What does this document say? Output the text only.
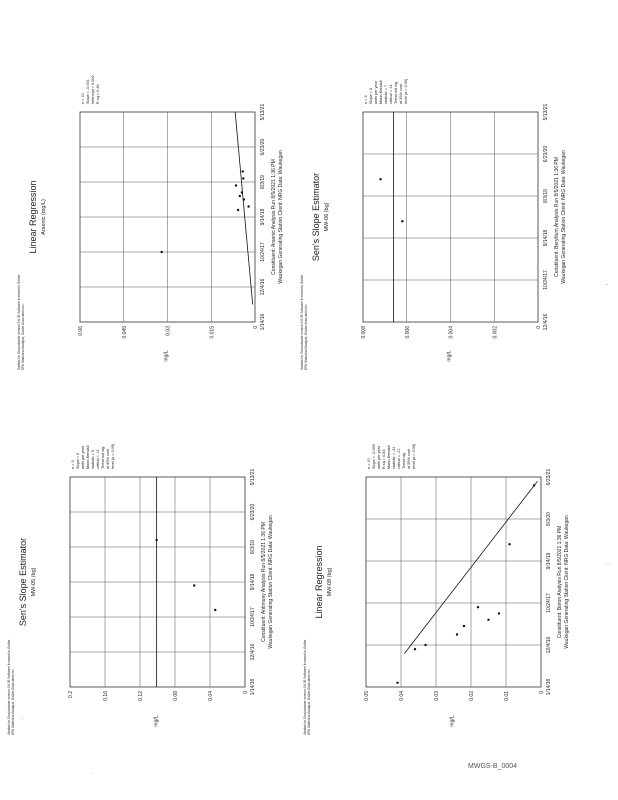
Sanitas for Groundwater version 9.6.35 Software licensed to Golder EPA Statistical Analysis, Golder Associates Inc.
Linear Regression Arsenic (mg/L)
0.06	0.045	0.03	0.015	0 1/14/16
12/4/16
10/24/17
9/14/18
8/3/19
6/23/20
5/13/21
mg/L
n = 10 Slope = -0.001 Intercept = 0.002 R sq = 0.48
Constituent: Arsenic Analysis Run 8/5/2021 1:36 PM Waukegan Generating Station Client: NRG Data: Waukegan
Sanitas for Groundwater version 9.6.35 Software licensed to Golder EPA Statistical Analysis, Golder Associates Inc.
Sen's Slope Estimator MW-06 (bg)
0.008	0.006	0.004	0.002	0 12/4/16
10/24/17
9/14/18
8/3/19
6/23/20
5/13/21
mg/L
n = 9 Slope = 0 units per year Mann-Kendall statistic = 7 critical = 13 Trend not sig. at 95% conf. level (a = 0.05)
Constituent: Beryllium Analysis Run 8/5/2021 1:36 PM Waukegan Generating Station Client: NRG Data: Waukegan
Sanitas for Groundwater version 9.6.35 Software licensed to Golder EPA Statistical Analysis, Golder Associates Inc.
Sen's Slope Estimator MW-05 (bg)
0.2	0.16	0.12	0.08	0.04	0 1/14/16
12/4/16
10/24/17
9/14/18
8/3/19
6/23/20
5/13/21
mg/L
n = 9 Slope = 0 units per year Mann-Kendall statistic = 5 critical = 13 Trend not sig. at 95% conf. level (a = 0.05)
Constituent: Antimony Analysis Run 8/5/2021 1:36 PM Waukegan Generating Station Client: NRG Data: Waukegan
Sanitas for Groundwater version 9.6.35 Software licensed to Golder EPA Statistical Analysis, Golder Associates Inc.
Linear Regression MW-08 (bg)
0.05	0.04	0.03	0.02	0.01	0 1/14/16
12/4/16
10/24/17
9/14/19
8/3/20
6/23/21
mg/L
n = 10 Slope = -0.009 units per year R sq = 0.83 Mann-Kendall statistic = -31 critical = -21 Trend sig. at 95% conf. level (a = 0.05)
Constituent: Boron Analysis Run 8/5/2021 1:36 PM Waukegan Generating Station Client: NRG Data: Waukegan
MWGS-B_0004
'
-
. .
.
